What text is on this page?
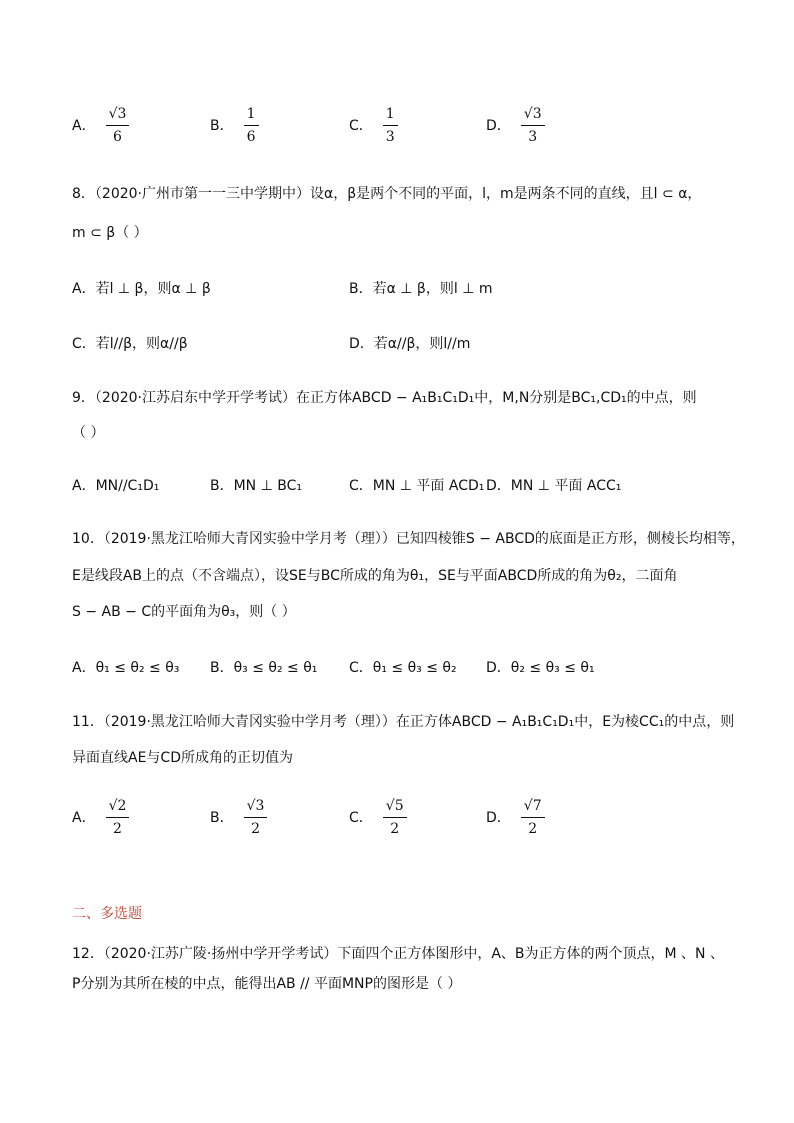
A． $\frac{√3}{6}$	B． $\frac{1}{6}$	C． $\frac{1}{3}$	D． $\frac{√3}{3}$
8．（2020·广州市第一一三中学期中）设α，β是两个不同的平面，l，m是两条不同的直线，且l ⊂ α，
m ⊂ β（ ）
A．若l ⊥ β，则α ⊥ β	B．若α ⊥ β，则l ⊥ m
C．若l//β，则α//β	D．若α//β，则l//m
9．（2020·江苏启东中学开学考试）在正方体ABCD − A₁B₁C₁D₁中，M,N分别是BC₁,CD₁的中点，则
（ ）
A．MN//C₁D₁	B．MN ⊥ BC₁	C．MN ⊥ 平面 ACD₁ D．MN ⊥ 平面 ACC₁
10．（2019·黑龙江哈师大青冈实验中学月考（理））已知四棱锥S − ABCD的底面是正方形，侧棱长均相等，
E是线段AB上的点（不含端点），设SE与BC所成的角为θ₁，SE与平面ABCD所成的角为θ₂，二面角
S − AB − C的平面角为θ₃，则（ ）
A．θ₁ ≤ θ₂ ≤ θ₃ B．θ₃ ≤ θ₂ ≤ θ₁ C．θ₁ ≤ θ₃ ≤ θ₂ D．θ₂ ≤ θ₃ ≤ θ₁
11．（2019·黑龙江哈师大青冈实验中学月考（理））在正方体ABCD − A₁B₁C₁D₁中，E为棱CC₁的中点，则
异面直线AE与CD所成角的正切值为
A． $\frac{√2}{2}$	B． $\frac{√3}{2}$	C． $\frac{√5}{2}$	D． $\frac{√7}{2}$
二、多选题
12．（2020·江苏广陵·扬州中学开学考试）下面四个正方体图形中，A、B为正方体的两个顶点，M 、N 、
P分别为其所在棱的中点，能得出AB // 平面MNP的图形是（ ）
